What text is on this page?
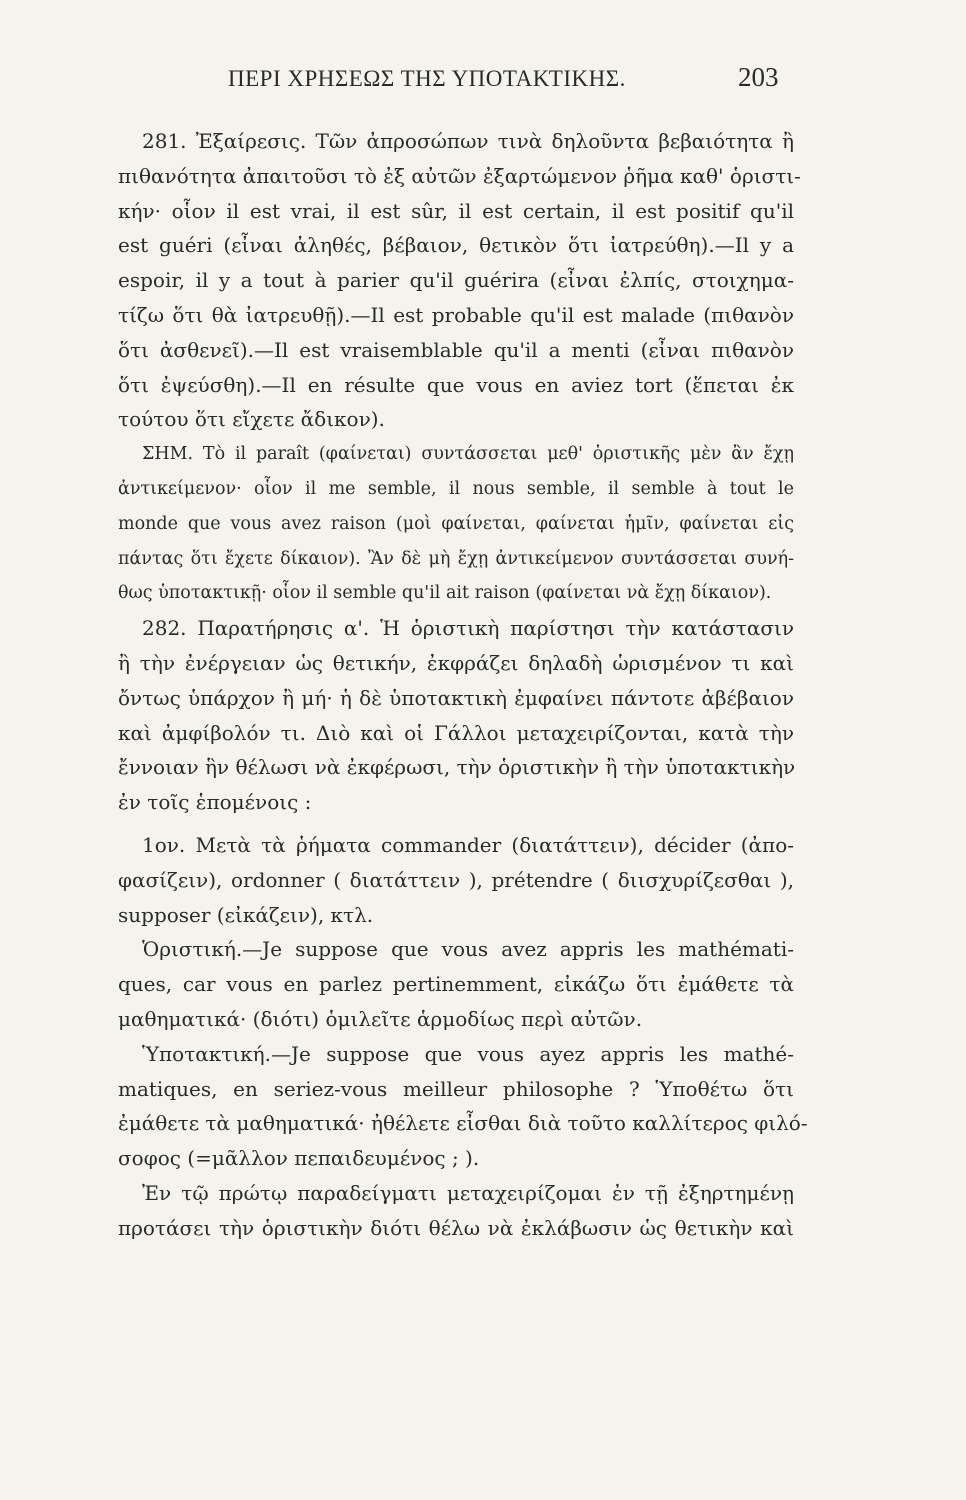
ΠΕΡΙ ΧΡΗΣΕΩΣ ΤΗΣ ΥΠΟΤΑΚΤΙΚΗΣ.	203
281. Ἐξαίρεσις. Τῶν ἀπροσώπων τινὰ δηλοῦντα βεβαιότητα ἢ
πιθανότητα ἀπαιτοῦσι τὸ ἐξ αὐτῶν ἐξαρτώμενον ῥῆμα καθ' ὁριστι-
κήν· οἷον il est vrai, il est sûr, il est certain, il est positif qu'il
est guéri (εἶναι ἀληθές, βέβαιον, θετικὸν ὅτι ἰατρεύθη).—Il y a
espoir, il y a tout à parier qu'il guérira (εἶναι ἐλπίς, στοιχημα-
τίζω ὅτι θὰ ἰατρευθῇ).—Il est probable qu'il est malade (πιθανὸν
ὅτι ἀσθενεῖ).—Il est vraisemblable qu'il a menti (εἶναι πιθανὸν
ὅτι ἐψεύσθη).—Il en résulte que vous en aviez tort (ἕπεται ἐκ
τούτου ὅτι εἴχετε ἄδικον).
ΣΗΜ. Τὸ il paraît (φαίνεται) συντάσσεται μεθ' ὁριστικῆς μὲν ἂν ἔχῃ
ἀντικείμενον· οἷον il me semble, il nous semble, il semble à tout le
monde que vous avez raison (μοὶ φαίνεται, φαίνεται ἡμῖν, φαίνεται εἰς
πάντας ὅτι ἔχετε δίκαιον). Ἂν δὲ μὴ ἔχῃ ἀντικείμενον συντάσσεται συνή-
θως ὑποτακτικῇ· οἷον il semble qu'il ait raison (φαίνεται νὰ ἔχῃ δίκαιον).
282. Παρατήρησις α'. Ἡ ὁριστικὴ παρίστησι τὴν κατάστασιν
ἢ τὴν ἐνέργειαν ὡς θετικήν, ἐκφράζει δηλαδὴ ὡρισμένον τι καὶ
ὄντως ὑπάρχον ἢ μή· ἡ δὲ ὑποτακτικὴ ἐμφαίνει πάντοτε ἀβέβαιον
καὶ ἀμφίβολόν τι. Διὸ καὶ οἱ Γάλλοι μεταχειρίζονται, κατὰ τὴν
ἔννοιαν ἣν θέλωσι νὰ ἐκφέρωσι, τὴν ὁριστικὴν ἢ τὴν ὑποτακτικὴν
ἐν τοῖς ἑπομένοις :
1ον. Μετὰ τὰ ῥήματα commander (διατάττειν), décider (ἀπο-
φασίζειν), ordonner ( διατάττειν ), prétendre ( διισχυρίζεσθαι ),
supposer (εἰκάζειν), κτλ.
Ὁριστική.—Je suppose que vous avez appris les mathémati-
ques, car vous en parlez pertinemment, εἰκάζω ὅτι ἐμάθετε τὰ
μαθηματικά· (διότι) ὁμιλεῖτε ἁρμοδίως περὶ αὐτῶν.
Ὑποτακτική.—Je suppose que vous ayez appris les mathé-
matiques, en seriez-vous meilleur philosophe ? Ὑποθέτω ὅτι
ἐμάθετε τὰ μαθηματικά· ἠθέλετε εἶσθαι διὰ τοῦτο καλλίτερος φιλό-
σοφος (=μᾶλλον πεπαιδευμένος ; ).
Ἐν τῷ πρώτῳ παραδείγματι μεταχειρίζομαι ἐν τῇ ἐξηρτημένῃ
προτάσει τὴν ὁριστικὴν διότι θέλω νὰ ἐκλάβωσιν ὡς θετικὴν καὶ
